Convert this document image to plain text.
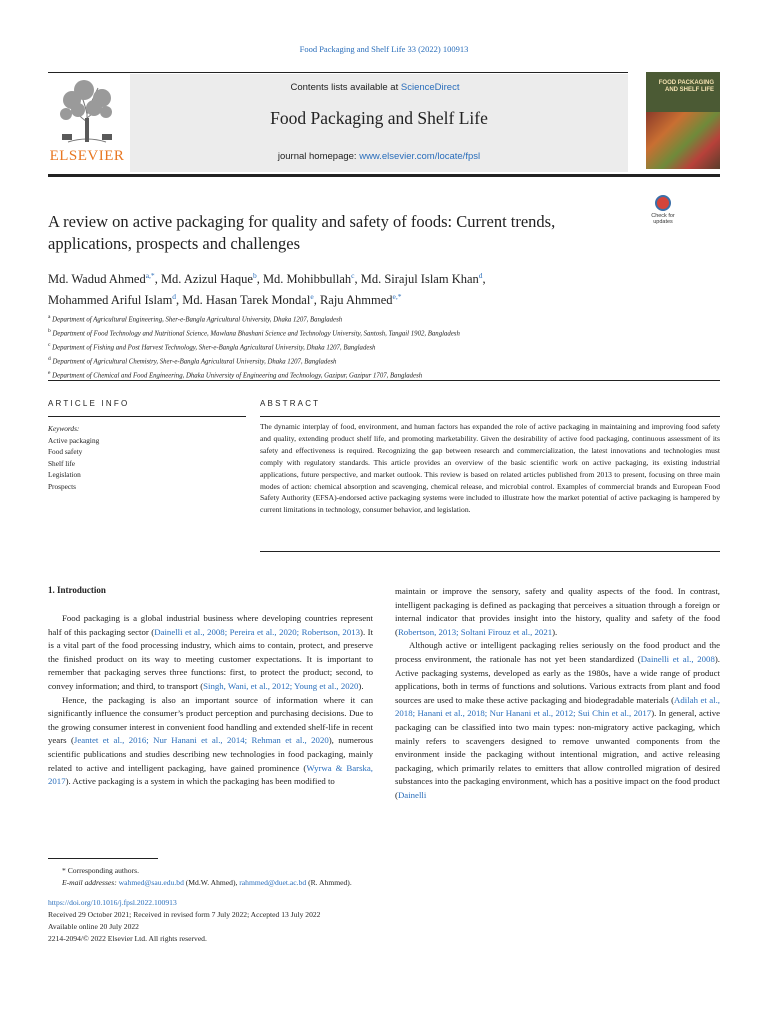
Food Packaging and Shelf Life 33 (2022) 100913
ELSEVIER
Contents lists available at ScienceDirect
Food Packaging and Shelf Life
journal homepage: www.elsevier.com/locate/fpsl
FOOD PACKAGING AND SHELF LIFE
A review on active packaging for quality and safety of foods: Current trends, applications, prospects and challenges
Check for updates
Md. Wadud Ahmed$^{a,*}$, Md. Azizul Haque$^b$, Md. Mohibbullah$^c$, Md. Sirajul Islam Khan$^d$,
Mohammed Ariful Islam$^d$, Md. Hasan Tarek Mondal$^e$, Raju Ahmmed$^{e,*}$
$^a$ Department of Agricultural Engineering, Sher-e-Bangla Agricultural University, Dhaka 1207, Bangladesh
$^b$ Department of Food Technology and Nutritional Science, Mawlana Bhashani Science and Technology University, Santosh, Tangail 1902, Bangladesh
$^c$ Department of Fishing and Post Harvest Technology, Sher-e-Bangla Agricultural University, Dhaka 1207, Bangladesh
$^d$ Department of Agricultural Chemistry, Sher-e-Bangla Agricultural University, Dhaka 1207, Bangladesh
$^e$ Department of Chemical and Food Engineering, Dhaka University of Engineering and Technology, Gazipur, Gazipur 1707, Bangladesh
ARTICLE INFO
Keywords:
Active packaging
Food safety
Shelf life
Legislation
Prospects
ABSTRACT
The dynamic interplay of food, environment, and human factors has expanded the role of active packaging in maintaining and improving food safety and quality, extending product shelf life, and promoting marketability. Given the desirability of active food packaging, continuous assessment of its safety and effectiveness is required. Recognizing the gap between research and commercialization, the latest innovations and technologies must comply with regulatory standards. This article provides an overview of the basic scientific work on active packaging, its existing industrial applications, future perspective, and market outlook. This review is based on related articles published from 2013 to present, focusing on three main modes of action: chemical absorption and scavenging, chemical release, and microbial control. Examples of commercial brands and European Food Safety Authority (EFSA)-endorsed active packaging systems were included to illustrate how the market potential of active packaging is hampered by current limitations in technology, consumer behavior, and legislation.
1. Introduction

Food packaging is a global industrial business where developing countries represent half of this packaging sector (Dainelli et al., 2008; Pereira et al., 2020; Robertson, 2013). It is a vital part of the food processing industry, which aims to contain, protect, and preserve the finished product on its way to meeting customer expectations. It is important to remember that packaging serves three functions: first, to protect the product; second, to convey information; and third, to transport (Singh, Wani, et al., 2012; Young et al., 2020).

Hence, the packaging is also an important source of information where it can significantly influence the consumer’s product perception and purchasing decisions. Due to the growing consumer interest in convenient food handling and extended shelf-life in recent years (Jeantet et al., 2016; Nur Hanani et al., 2014; Rehman et al., 2020), numerous scientific publications and studies describing new technologies in food packaging, mainly related to active and intelligent packaging, have gained prominence (Wyrwa & Barska, 2017). Active packaging is a system in which the packaging has been modified to

maintain or improve the sensory, safety and quality aspects of the food. In contrast, intelligent packaging is defined as packaging that perceives a situation through a foreign or internal indicator that provides insight into the history, quality and safety of the food (Robertson, 2013; Soltani Firouz et al., 2021).

Although active or intelligent packaging relies seriously on the food product and the process environment, the rationale has not yet been standardized (Dainelli et al., 2008). Active packaging systems, developed as early as the 1980s, have a wide range of product applications, both in terms of functions and solutions. Various extracts from plant and food sources are used to make these active packaging and biodegradable materials (Adilah et al., 2018; Hanani et al., 2018; Nur Hanani et al., 2012; Sui Chin et al., 2017). In general, active packaging can be classified into two main types: non-migratory active packaging, which mainly refers to scavengers designed to remove unwanted components from the environment inside the packaging without intentional migration, and active releasing packaging, which primarily relates to emitters that allow controlled migration of desired substances into the packaging environment, which has a positive impact on the food product (Dainelli

* Corresponding authors.
E-mail addresses: wahmed@sau.edu.bd (Md.W. Ahmed), rahmmed@duet.ac.bd (R. Ahmmed).
https://doi.org/10.1016/j.fpsl.2022.100913
Received 29 October 2021; Received in revised form 7 July 2022; Accepted 13 July 2022
Available online 20 July 2022
2214-2094/© 2022 Elsevier Ltd. All rights reserved.
